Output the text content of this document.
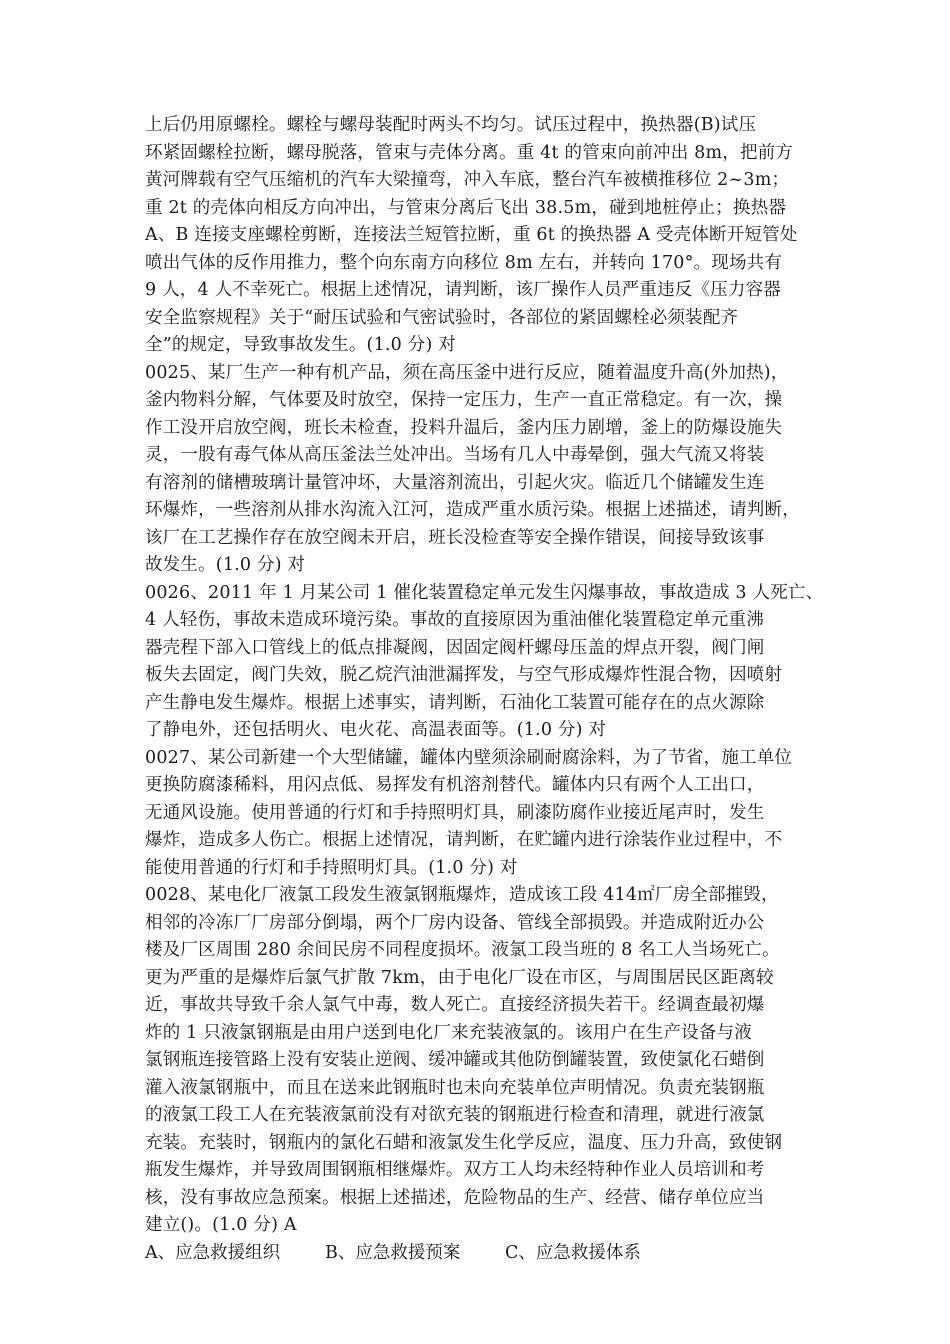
上后仍用原螺栓。螺栓与螺母装配时两头不均匀。试压过程中，换热器(B)试压
环紧固螺栓拉断，螺母脱落，管束与壳体分离。重 4t 的管束向前冲出 8m，把前方
黄河牌载有空气压缩机的汽车大梁撞弯，冲入车底，整台汽车被横推移位 2~3m；
重 2t 的壳体向相反方向冲出，与管束分离后飞出 38.5m，碰到地桩停止；换热器
A、B 连接支座螺栓剪断，连接法兰短管拉断，重 6t 的换热器 A 受壳体断开短管处
喷出气体的反作用推力，整个向东南方向移位 8m 左右，并转向 170°。现场共有
9 人，4 人不幸死亡。根据上述情况，请判断，该厂操作人员严重违反《压力容器
安全监察规程》关于“耐压试验和气密试验时，各部位的紧固螺栓必须装配齐
全”的规定，导致事故发生。(1.0 分) 对
0025、某厂生产一种有机产品，须在高压釜中进行反应，随着温度升高(外加热)，
釜内物料分解，气体要及时放空，保持一定压力，生产一直正常稳定。有一次，操
作工没开启放空阀，班长未检查，投料升温后，釜内压力剧增，釜上的防爆设施失
灵，一股有毒气体从高压釜法兰处冲出。当场有几人中毒晕倒，强大气流又将装
有溶剂的储槽玻璃计量管冲坏，大量溶剂流出，引起火灾。临近几个储罐发生连
环爆炸，一些溶剂从排水沟流入江河，造成严重水质污染。根据上述描述，请判断，
该厂在工艺操作存在放空阀未开启，班长没检查等安全操作错误，间接导致该事
故发生。(1.0 分) 对
0026、2011 年 1 月某公司 1 催化装置稳定单元发生闪爆事故，事故造成 3 人死亡、
4 人轻伤，事故未造成环境污染。事故的直接原因为重油催化装置稳定单元重沸
器壳程下部入口管线上的低点排凝阀，因固定阀杆螺母压盖的焊点开裂，阀门闸
板失去固定，阀门失效，脱乙烷汽油泄漏挥发，与空气形成爆炸性混合物，因喷射
产生静电发生爆炸。根据上述事实，请判断，石油化工装置可能存在的点火源除
了静电外，还包括明火、电火花、高温表面等。(1.0 分) 对
0027、某公司新建一个大型储罐，罐体内壁须涂刷耐腐涂料，为了节省，施工单位
更换防腐漆稀料，用闪点低、易挥发有机溶剂替代。罐体内只有两个人工出口，
无通风设施。使用普通的行灯和手持照明灯具，刷漆防腐作业接近尾声时，发生
爆炸，造成多人伤亡。根据上述情况，请判断，在贮罐内进行涂装作业过程中，不
能使用普通的行灯和手持照明灯具。(1.0 分) 对
0028、某电化厂液氯工段发生液氯钢瓶爆炸，造成该工段 414㎡厂房全部摧毁，
相邻的冷冻厂厂房部分倒塌，两个厂房内设备、管线全部损毁。并造成附近办公
楼及厂区周围 280 余间民房不同程度损坏。液氯工段当班的 8 名工人当场死亡。
更为严重的是爆炸后氯气扩散 7km，由于电化厂设在市区，与周围居民区距离较
近，事故共导致千余人氯气中毒，数人死亡。直接经济损失若干。经调查最初爆
炸的 1 只液氯钢瓶是由用户送到电化厂来充装液氯的。该用户在生产设备与液
氯钢瓶连接管路上没有安装止逆阀、缓冲罐或其他防倒罐装置，致使氯化石蜡倒
灌入液氯钢瓶中，而且在送来此钢瓶时也未向充装单位声明情况。负责充装钢瓶
的液氯工段工人在充装液氯前没有对欲充装的钢瓶进行检查和清理，就进行液氯
充装。充装时，钢瓶内的氯化石蜡和液氯发生化学反应，温度、压力升高，致使钢
瓶发生爆炸，并导致周围钢瓶相继爆炸。双方工人均未经特种作业人员培训和考
核，没有事故应急预案。根据上述描述，危险物品的生产、经营、储存单位应当
建立()。(1.0 分) A
A、应急救援组织	B、应急救援预案	C、应急救援体系
